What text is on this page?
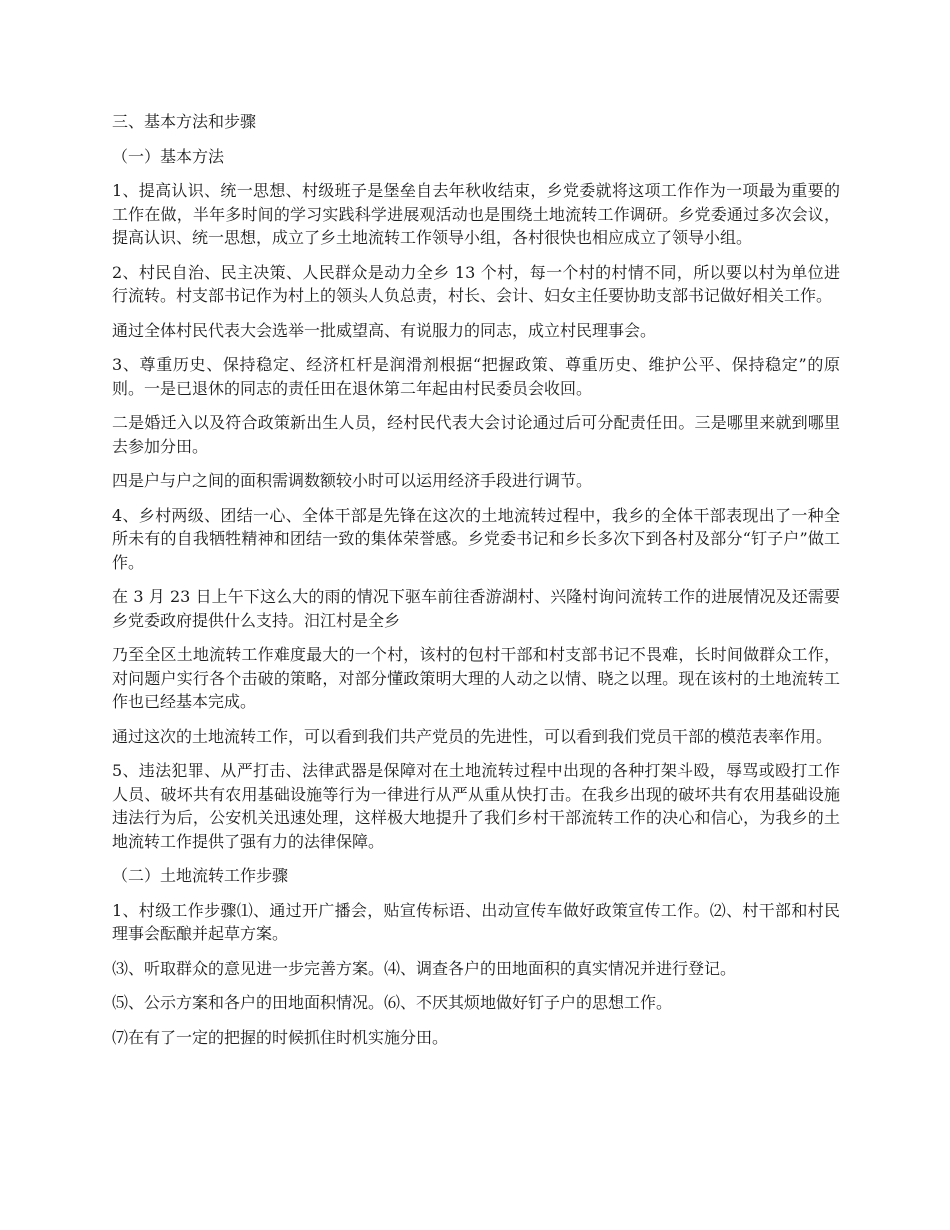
三、基本方法和步骤

（一）基本方法

1、提高认识、统一思想、村级班子是堡垒自去年秋收结束，乡党委就将这项工作作为一项最为重要的工作在做，半年多时间的学习实践科学进展观活动也是围绕土地流转工作调研。乡党委通过多次会议，提高认识、统一思想，成立了乡土地流转工作领导小组，各村很快也相应成立了领导小组。

2、村民自治、民主决策、人民群众是动力全乡 13 个村，每一个村的村情不同，所以要以村为单位进行流转。村支部书记作为村上的领头人负总责，村长、会计、妇女主任要协助支部书记做好相关工作。

通过全体村民代表大会选举一批威望高、有说服力的同志，成立村民理事会。

3、尊重历史、保持稳定、经济杠杆是润滑剂根据“把握政策、尊重历史、维护公平、保持稳定”的原则。一是已退休的同志的责任田在退休第二年起由村民委员会收回。

二是婚迁入以及符合政策新出生人员，经村民代表大会讨论通过后可分配责任田。三是哪里来就到哪里去参加分田。

四是户与户之间的面积需调数额较小时可以运用经济手段进行调节。

4、乡村两级、团结一心、全体干部是先锋在这次的土地流转过程中，我乡的全体干部表现出了一种全所未有的自我牺牲精神和团结一致的集体荣誉感。乡党委书记和乡长多次下到各村及部分“钉子户”做工作。

在 3 月 23 日上午下这么大的雨的情况下驱车前往香游湖村、兴隆村询问流转工作的进展情况及还需要乡党委政府提供什么支持。汨江村是全乡

乃至全区土地流转工作难度最大的一个村，该村的包村干部和村支部书记不畏难，长时间做群众工作，对问题户实行各个击破的策略，对部分懂政策明大理的人动之以情、晓之以理。现在该村的土地流转工作也已经基本完成。

通过这次的土地流转工作，可以看到我们共产党员的先进性，可以看到我们党员干部的模范表率作用。

5、违法犯罪、从严打击、法律武器是保障对在土地流转过程中出现的各种打架斗殴，辱骂或殴打工作人员、破坏共有农用基础设施等行为一律进行从严从重从快打击。在我乡出现的破坏共有农用基础设施违法行为后，公安机关迅速处理，这样极大地提升了我们乡村干部流转工作的决心和信心，为我乡的土地流转工作提供了强有力的法律保障。

（二）土地流转工作步骤

1、村级工作步骤⑴、通过开广播会，贴宣传标语、出动宣传车做好政策宣传工作。⑵、村干部和村民理事会酝酿并起草方案。

⑶、听取群众的意见进一步完善方案。⑷、调查各户的田地面积的真实情况并进行登记。

⑸、公示方案和各户的田地面积情况。⑹、不厌其烦地做好钉子户的思想工作。

⑺在有了一定的把握的时候抓住时机实施分田。
